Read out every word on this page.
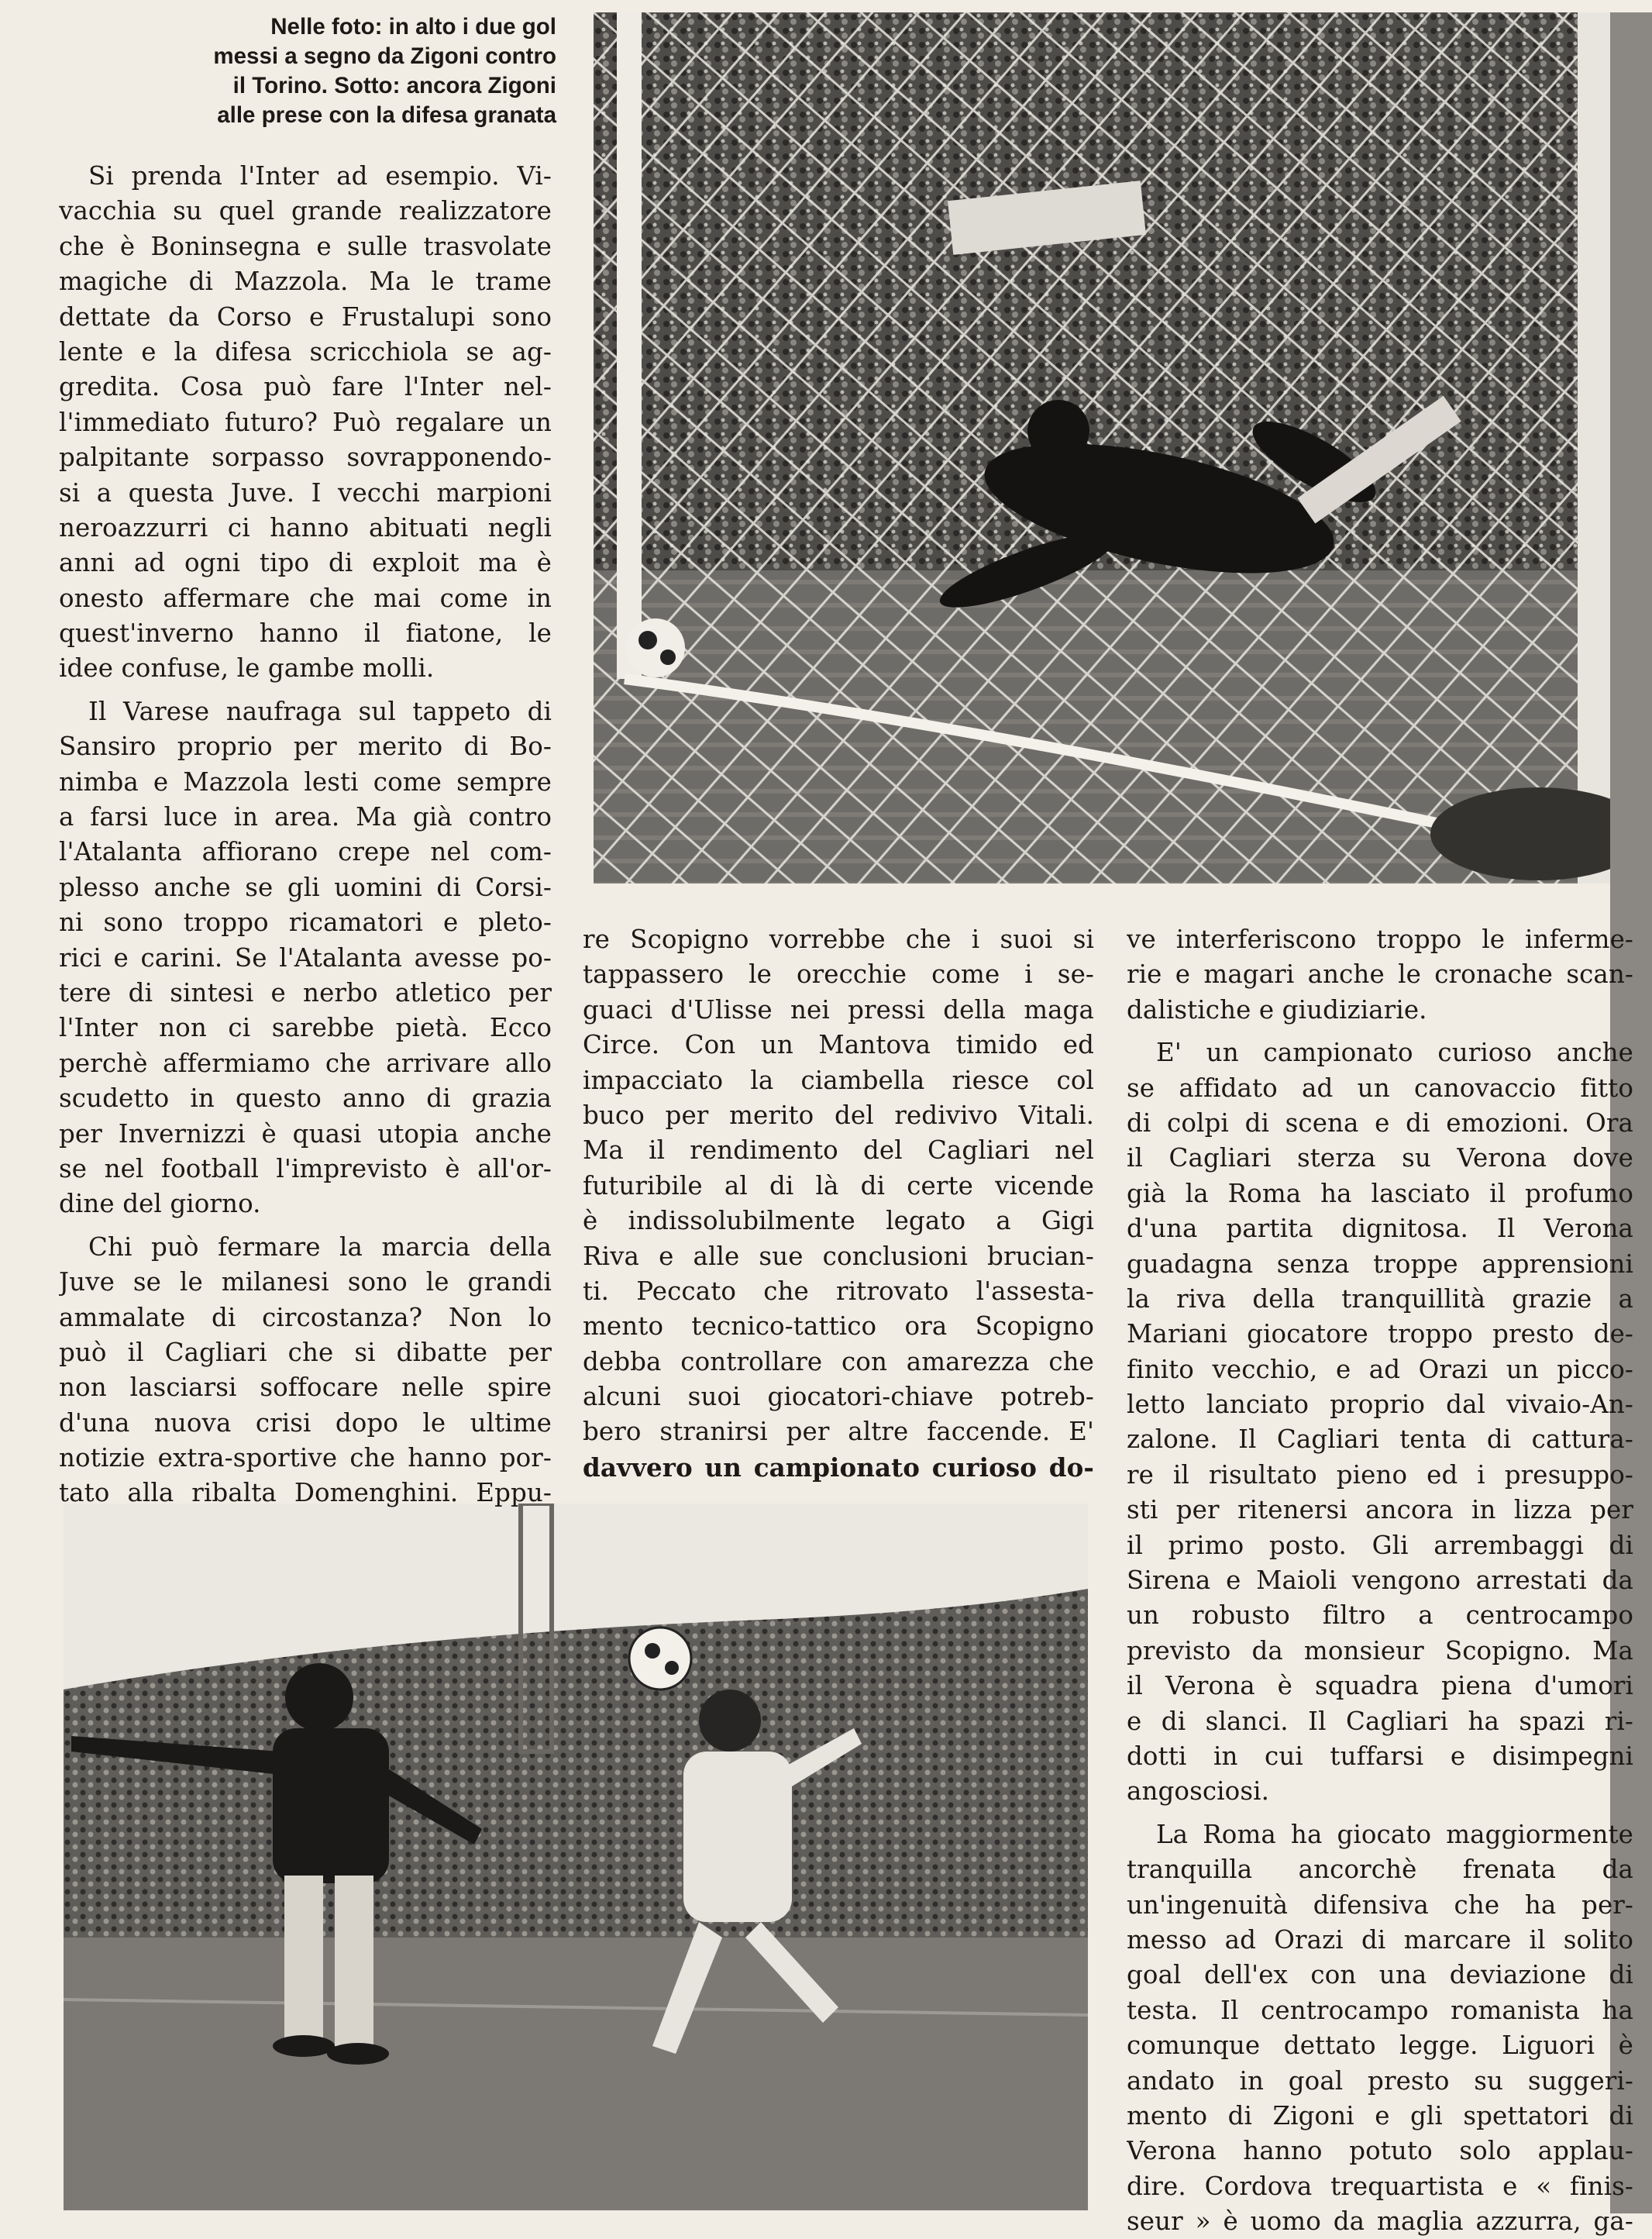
Nelle foto: in alto i due gol
messi a segno da Zigoni contro
il Torino. Sotto: ancora Zigoni
alle prese con la difesa granata
Si prenda l'Inter ad esempio. Vi-
vacchia su quel grande realizzatore
che è Boninsegna e sulle trasvolate
magiche di Mazzola. Ma le trame
dettate da Corso e Frustalupi sono
lente e la difesa scricchiola se ag-
gredita. Cosa può fare l'Inter nel-
l'immediato futuro? Può regalare un
palpitante sorpasso sovrapponendo-
si a questa Juve. I vecchi marpioni
neroazzurri ci hanno abituati negli
anni ad ogni tipo di exploit ma è
onesto affermare che mai come in
quest'inverno hanno il fiatone, le
idee confuse, le gambe molli.
Il Varese naufraga sul tappeto di
Sansiro proprio per merito di Bo-
nimba e Mazzola lesti come sempre
a farsi luce in area. Ma già contro
l'Atalanta affiorano crepe nel com-
plesso anche se gli uomini di Corsi-
ni sono troppo ricamatori e pleto-
rici e carini. Se l'Atalanta avesse po-
tere di sintesi e nerbo atletico per
l'Inter non ci sarebbe pietà. Ecco
perchè affermiamo che arrivare allo
scudetto in questo anno di grazia
per Invernizzi è quasi utopia anche
se nel football l'imprevisto è all'or-
dine del giorno.
Chi può fermare la marcia della
Juve se le milanesi sono le grandi
ammalate di circostanza? Non lo
può il Cagliari che si dibatte per
non lasciarsi soffocare nelle spire
d'una nuova crisi dopo le ultime
notizie extra-sportive che hanno por-
tato alla ribalta Domenghini. Eppu-
re Scopigno vorrebbe che i suoi si
tappassero le orecchie come i se-
guaci d'Ulisse nei pressi della maga
Circe. Con un Mantova timido ed
impacciato la ciambella riesce col
buco per merito del redivivo Vitali.
Ma il rendimento del Cagliari nel
futuribile al di là di certe vicende
è indissolubilmente legato a Gigi
Riva e alle sue conclusioni brucian-
ti. Peccato che ritrovato l'assesta-
mento tecnico-tattico ora Scopigno
debba controllare con amarezza che
alcuni suoi giocatori-chiave potreb-
bero stranirsi per altre faccende. E'
davvero un campionato curioso do-
ve interferiscono troppo le infermе-
rie e magari anche le cronache scan-
dalistiche e giudiziarie.
E' un campionato curioso anche
se affidato ad un canovaccio fitto
di colpi di scena e di emozioni. Ora
il Cagliari sterza su Verona dove
già la Roma ha lasciato il profumo
d'una partita dignitosa. Il Verona
guadagna senza troppe apprensioni
la riva della tranquillità grazie a
Mariani giocatore troppo presto de-
finito vecchio, e ad Orazi un picco-
letto lanciato proprio dal vivaio-An-
zalone. Il Cagliari tenta di cattura-
re il risultato pieno ed i presuppo-
sti per ritenersi ancora in lizza per
il primo posto. Gli arrembaggi di
Sirena e Maioli vengono arrestati da
un robusto filtro a centrocampo
previsto da monsieur Scopigno. Ma
il Verona è squadra piena d'umori
e di slanci. Il Cagliari ha spazi ri-
dotti in cui tuffarsi e disimpegni
angosciosi.
La Roma ha giocato maggiormente
tranquilla ancorchè frenata da
un'ingenuità difensiva che ha per-
messo ad Orazi di marcare il solito
goal dell'ex con una deviazione di
testa. Il centrocampo romanista ha
comunque dettato legge. Liguori è
andato in goal presto su suggeri-
mento di Zigoni e gli spettatori di
Verona hanno potuto solo applau-
dire. Cordova trequartista e « finis-
seur » è uomo da maglia azzurra, ga-
